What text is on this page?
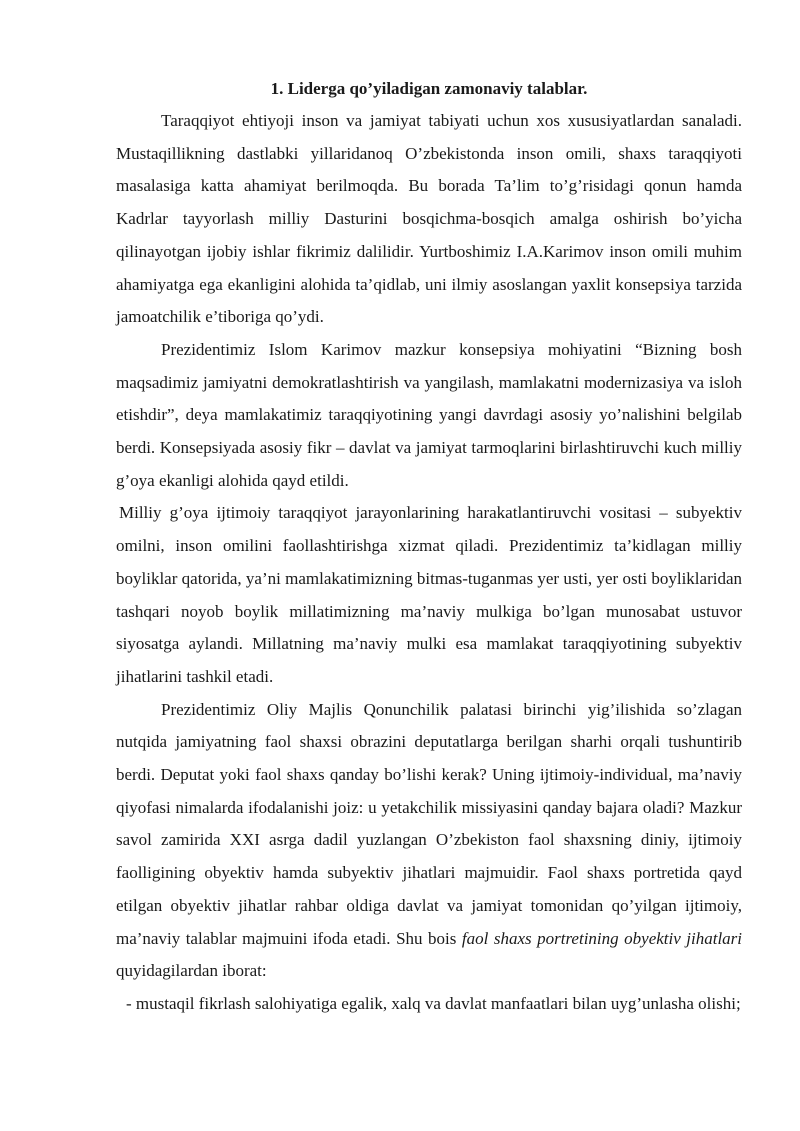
1. Liderga qo’yiladigan zamonaviy talablar.

Taraqqiyot ehtiyoji inson va jamiyat tabiyati uchun xos xususiyatlardan sanaladi. Mustaqillikning dastlabki yillaridanoq O’zbekistonda inson omili, shaxs taraqqiyoti masalasiga katta ahamiyat berilmoqda. Bu borada Ta’lim to’g’risidagi qonun hamda Kadrlar tayyorlash milliy Dasturini bosqichma-bosqich amalga oshirish bo’yicha qilinayotgan ijobiy ishlar fikrimiz dalilidir. Yurtboshimiz I.A.Karimov inson omili muhim ahamiyatga ega ekanligini alohida ta’qidlab, uni ilmiy asoslangan yaxlit konsepsiya tarzida jamoatchilik e’tiboriga qo’ydi.

Prezidentimiz Islom Karimov mazkur konsepsiya mohiyatini “Bizning bosh maqsadimiz jamiyatni demokratlashtirish va yangilash, mamlakatni modernizasiya va isloh etishdir”, deya mamlakatimiz taraqqiyotining yangi davrdagi asosiy yo’nalishini belgilab berdi. Konsepsiyada asosiy fikr – davlat va jamiyat tarmoqlarini birlashtiruvchi kuch milliy g’oya ekanligi alohida qayd etildi.

Milliy g’oya ijtimoiy taraqqiyot jarayonlarining harakatlantiruvchi vositasi – subyektiv omilni, inson omilini faollashtirishga xizmat qiladi. Prezidentimiz ta’kidlagan milliy boyliklar qatorida, ya’ni mamlakatimizning bitmas-tuganmas yer usti, yer osti boyliklaridan tashqari noyob boylik millatimizning ma’naviy mulkiga bo’lgan munosabat ustuvor siyosatga aylandi. Millatning ma’naviy mulki esa mamlakat taraqqiyotining subyektiv jihatlarini tashkil etadi.

Prezidentimiz Oliy Majlis Qonunchilik palatasi birinchi yig’ilishida so’zlagan nutqida jamiyatning faol shaxsi obrazini deputatlarga berilgan sharhi orqali tushuntirib berdi. Deputat yoki faol shaxs qanday bo’lishi kerak? Uning ijtimoiy-individual, ma’naviy qiyofasi nimalarda ifodalanishi joiz: u yetakchilik missiyasini qanday bajara oladi? Mazkur savol zamirida XXI asrga dadil yuzlangan O’zbekiston faol shaxsning diniy, ijtimoiy faolligining obyektiv hamda subyektiv jihatlari majmuidir. Faol shaxs portretida qayd etilgan obyektiv jihatlar rahbar oldiga davlat va jamiyat tomonidan qo’yilgan ijtimoiy, ma’naviy talablar majmuini ifoda etadi. Shu bois faol shaxs portretining obyektiv jihatlari quyidagilardan iborat:

- mustaqil fikrlash salohiyatiga egalik, xalq va davlat manfaatlari bilan uyg’unlasha olishi;
